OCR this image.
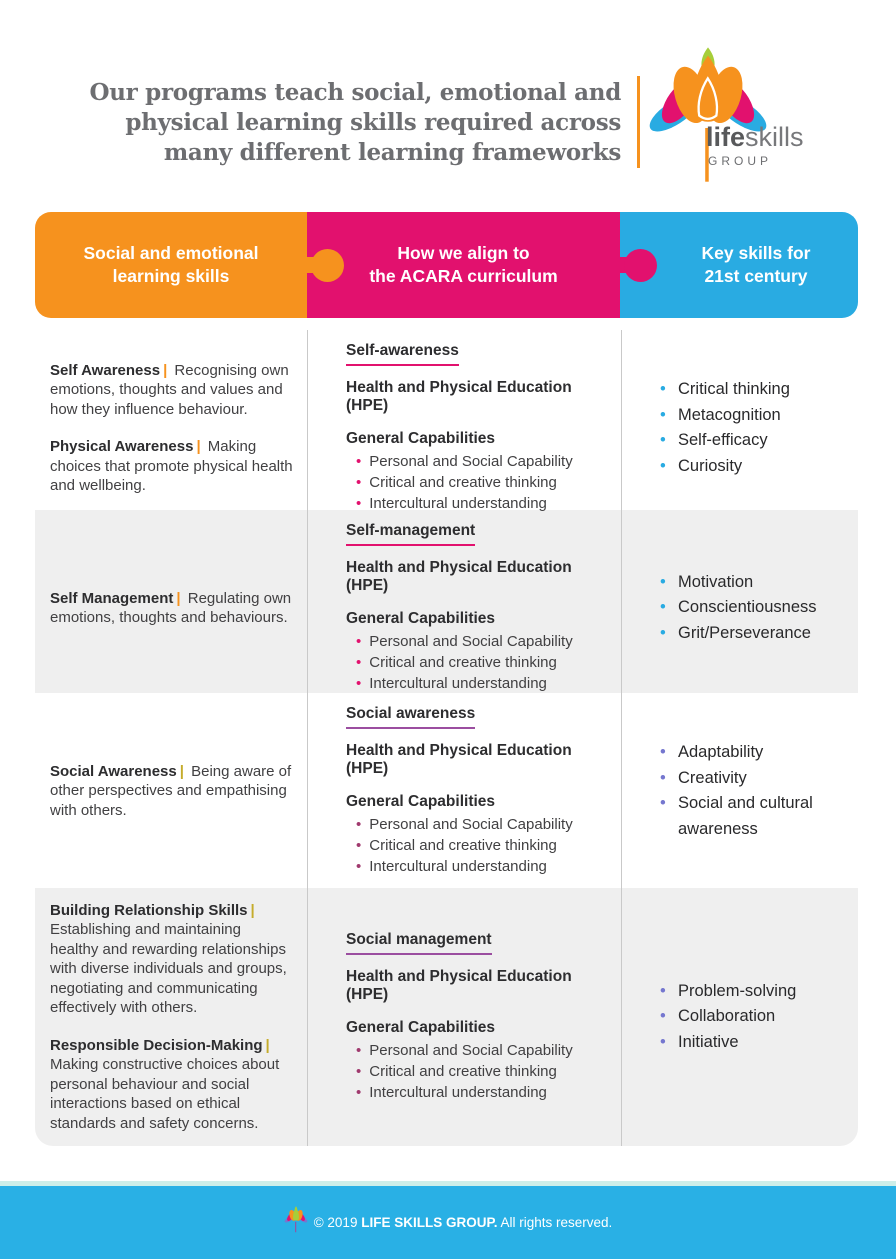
Our programs teach social, emotional and
physical learning skills required across
many different learning frameworks
lifeskills
GROUP
Social and emotional
learning skills
How we align to
the ACARA curriculum
Key skills for
21st century

Self Awareness | Recognising own emotions, thoughts and values and how they influence behaviour.

Physical Awareness | Making choices that promote physical health and wellbeing.

Self-awareness
Health and Physical Education (HPE)
General Capabilities
• Personal and Social Capability
• Critical and creative thinking
• Intercultural understanding
• Critical thinking
• Metacognition
• Self-efficacy
• Curiosity

Self Management | Regulating own emotions, thoughts and behaviours.

Self-management
Health and Physical Education (HPE)
General Capabilities
• Personal and Social Capability
• Critical and creative thinking
• Intercultural understanding
• Motivation
• Conscientiousness
• Grit/Perseverance

Social Awareness | Being aware of other perspectives and empathising with others.

Social awareness
Health and Physical Education (HPE)
General Capabilities
• Personal and Social Capability
• Critical and creative thinking
• Intercultural understanding
• Adaptability
• Creativity
• Social and cultural awareness

Building Relationship Skills | Establishing and maintaining healthy and rewarding relationships with diverse individuals and groups, negotiating and communicating effectively with others.

Responsible Decision-Making | Making constructive choices about personal behaviour and social interactions based on ethical standards and safety concerns.

Social management
Health and Physical Education (HPE)
General Capabilities
• Personal and Social Capability
• Critical and creative thinking
• Intercultural understanding
• Problem-solving
• Collaboration
• Initiative
© 2019 LIFE SKILLS GROUP. All rights reserved.
